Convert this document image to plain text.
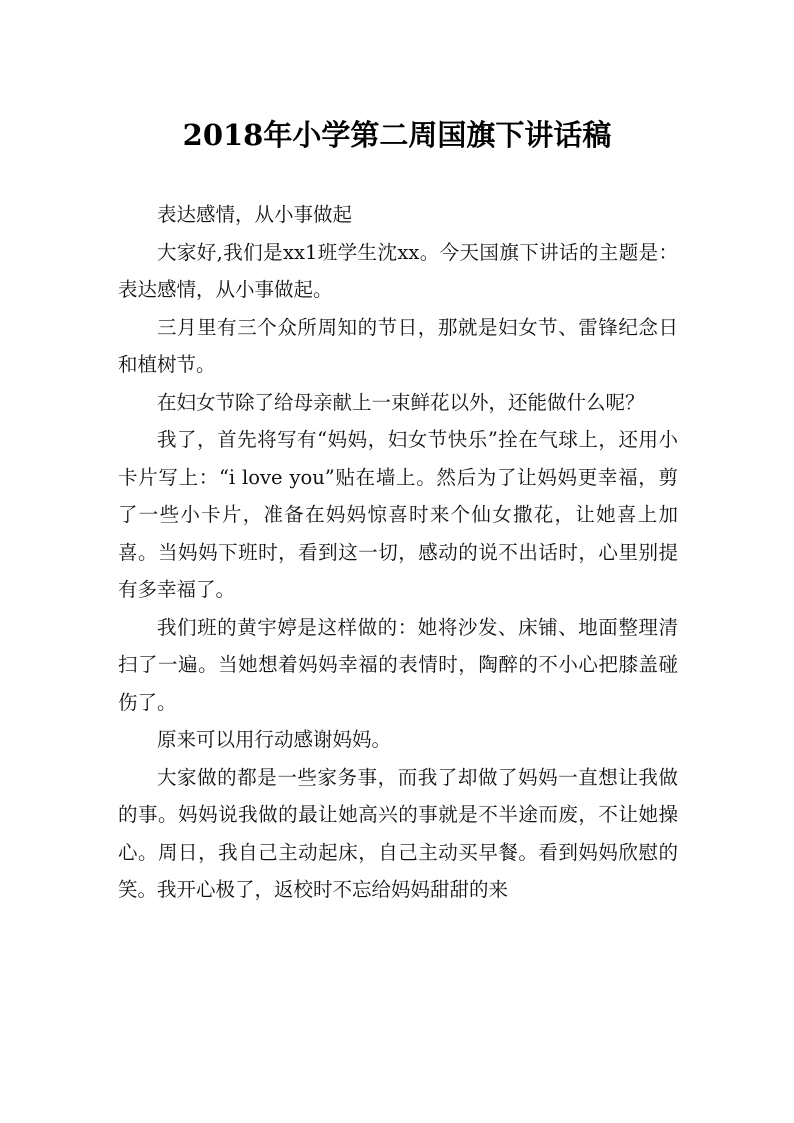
2018年小学第二周国旗下讲话稿

表达感情，从小事做起

大家好,我们是xx1班学生沈xx。今天国旗下讲话的主题是：表达感情，从小事做起。

三月里有三个众所周知的节日，那就是妇女节、雷锋纪念日和植树节。

在妇女节除了给母亲献上一束鲜花以外，还能做什么呢？

我了，首先将写有“妈妈，妇女节快乐”拴在气球上，还用小卡片写上：“i love you”贴在墙上。然后为了让妈妈更幸福，剪了一些小卡片，准备在妈妈惊喜时来个仙女撒花，让她喜上加喜。当妈妈下班时，看到这一切，感动的说不出话时，心里别提有多幸福了。

我们班的黄宇婷是这样做的：她将沙发、床铺、地面整理清扫了一遍。当她想着妈妈幸福的表情时，陶醉的不小心把膝盖碰伤了。

原来可以用行动感谢妈妈。

大家做的都是一些家务事，而我了却做了妈妈一直想让我做的事。妈妈说我做的最让她高兴的事就是不半途而废，不让她操心。周日，我自己主动起床，自己主动买早餐。看到妈妈欣慰的笑。我开心极了，返校时不忘给妈妈甜甜的来
